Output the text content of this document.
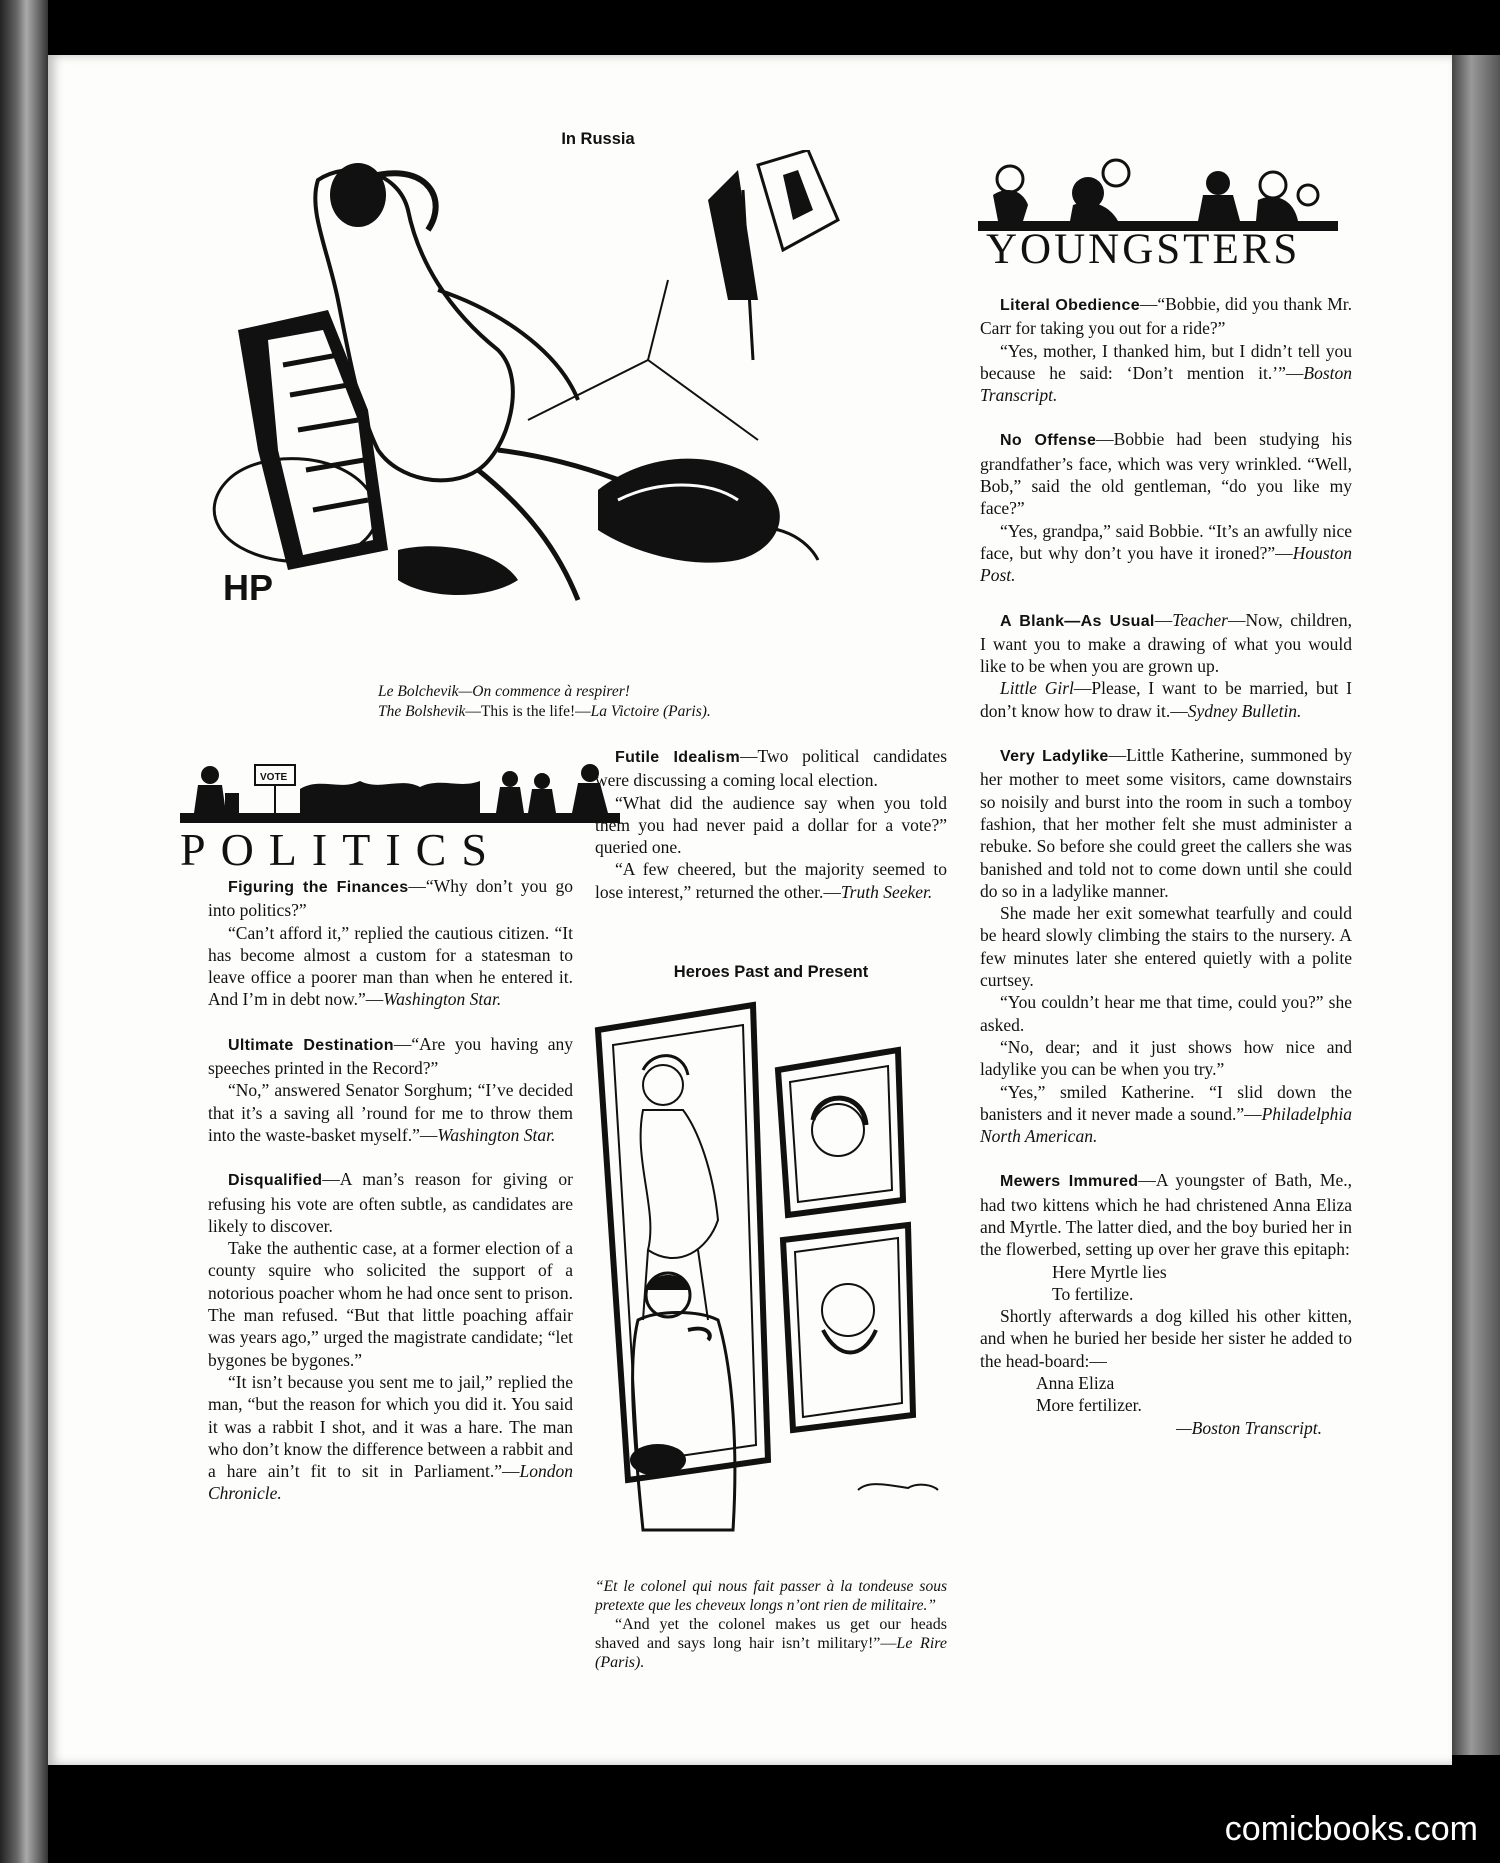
In Russia
HP
Le Bolchevik—On commence à respirer!
The Bolshevik—This is the life!—La Victoire (Paris).
VOTE
POLITICS
YOUNGSTERS

Figuring the Finances—“Why don’t you go into politics?”

“Can’t afford it,” replied the cautious citizen. “It has become almost a custom for a statesman to leave office a poorer man than when he entered it. And I’m in debt now.”—Washington Star.

Ultimate Destination—“Are you having any speeches printed in the Record?”

“No,” answered Senator Sorghum; “I’ve decided that it’s a saving all ’round for me to throw them into the waste-basket myself.”—Washington Star.

Disqualified—A man’s reason for giving or refusing his vote are often subtle, as candidates are likely to discover.

Take the authentic case, at a former election of a county squire who solicited the support of a notorious poacher whom he had once sent to prison. The man refused. “But that little poaching affair was years ago,” urged the magistrate candidate; “let bygones be bygones.”

“It isn’t because you sent me to jail,” replied the man, “but the reason for which you did it. You said it was a rabbit I shot, and it was a hare. The man who don’t know the difference between a rabbit and a hare ain’t fit to sit in Parliament.”—London Chronicle.

Futile Idealism—Two political candidates were discussing a coming local election.

“What did the audience say when you told them you had never paid a dollar for a vote?” queried one.

“A few cheered, but the majority seemed to lose interest,” returned the other.—Truth Seeker.

Heroes Past and Present
“Et le colonel qui nous fait passer à la tondeuse sous pretexte que les cheveux longs n’ont rien de militaire.”
“And yet the colonel makes us get our heads shaved and says long hair isn’t military!”—Le Rire (Paris).

Literal Obedience—“Bobbie, did you thank Mr. Carr for taking you out for a ride?”

“Yes, mother, I thanked him, but I didn’t tell you because he said: ‘Don’t mention it.’”—Boston Transcript.

No Offense—Bobbie had been studying his grandfather’s face, which was very wrinkled. “Well, Bob,” said the old gentleman, “do you like my face?”

“Yes, grandpa,” said Bobbie. “It’s an awfully nice face, but why don’t you have it ironed?”—Houston Post.

A Blank—As Usual—Teacher—Now, children, I want you to make a drawing of what you would like to be when you are grown up.

Little Girl—Please, I want to be married, but I don’t know how to draw it.—Sydney Bulletin.

Very Ladylike—Little Katherine, summoned by her mother to meet some visitors, came downstairs so noisily and burst into the room in such a tomboy fashion, that her mother felt she must administer a rebuke. So before she could greet the callers she was banished and told not to come down until she could do so in a ladylike manner.

She made her exit somewhat tearfully and could be heard slowly climbing the stairs to the nursery. A few minutes later she entered quietly with a polite curtsey.

“You couldn’t hear me that time, could you?” she asked.

“No, dear; and it just shows how nice and ladylike you can be when you try.”

“Yes,” smiled Katherine. “I slid down the banisters and it never made a sound.”—Philadelphia North American.

Mewers Immured—A youngster of Bath, Me., had two kittens which he had christened Anna Eliza and Myrtle. The latter died, and the boy buried her in the flowerbed, setting up over her grave this epitaph:

Here Myrtle lies
To fertilize.

Shortly afterwards a dog killed his other kitten, and when he buried her beside her sister he added to the head-board:—

Anna Eliza
More fertilizer.
—Boston Transcript.
comicbooks.com
